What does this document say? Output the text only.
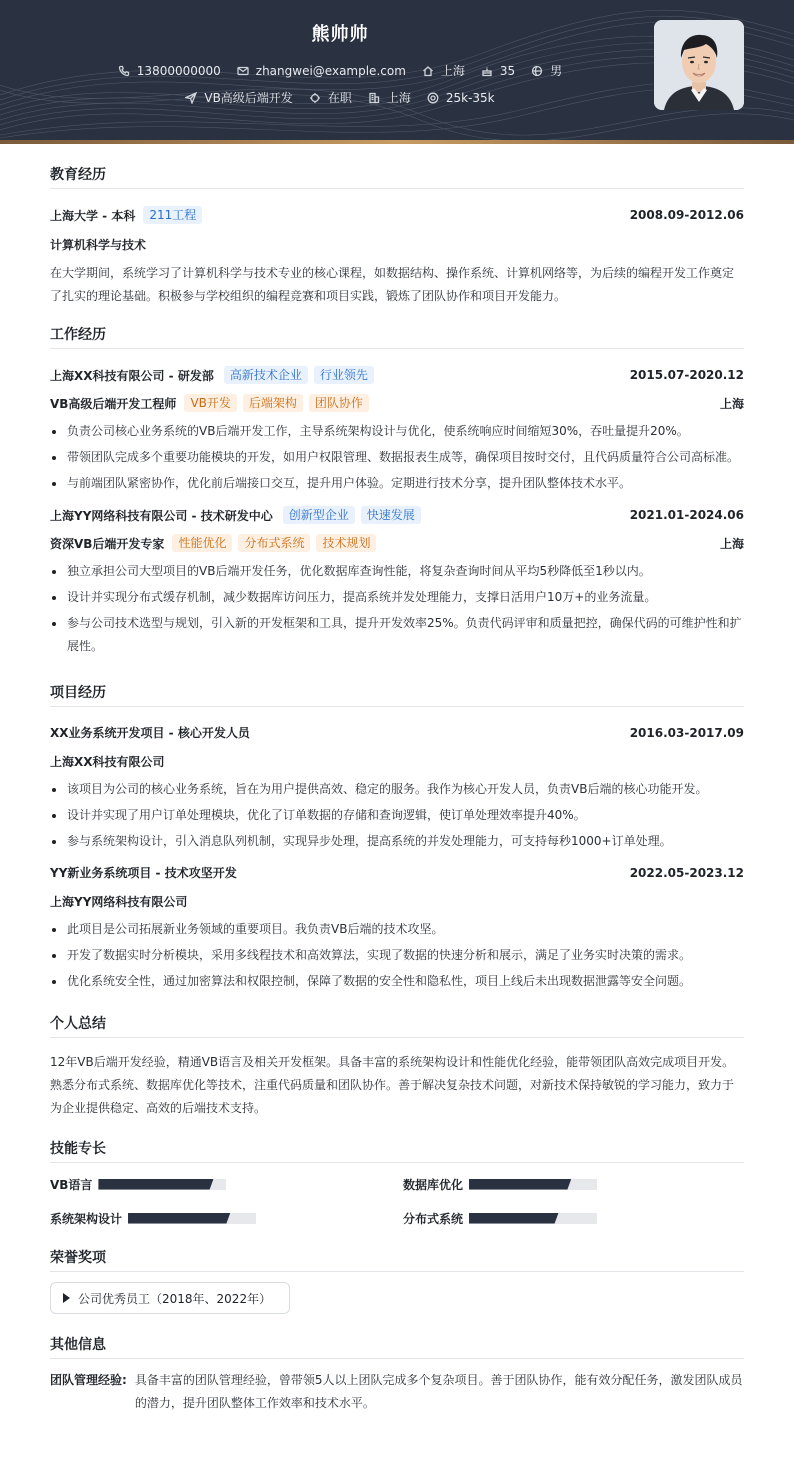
熊帅帅
13800000000	zhangwei@example.com	上海	35	男
VB高级后端开发	在职	上海	25k-35k
教育经历
上海大学 - 本科	211工程	2008.09-2012.06
计算机科学与技术
在大学期间，系统学习了计算机科学与技术专业的核心课程，如数据结构、操作系统、计算机网络等，为后续的编程开发工作奠定了扎实的理论基础。积极参与学校组织的编程竞赛和项目实践，锻炼了团队协作和项目开发能力。
工作经历
上海XX科技有限公司 - 研发部	高新技术企业	行业领先	2015.07-2020.12
VB高级后端开发工程师	VB开发	后端架构	团队协作	上海
负责公司核心业务系统的VB后端开发工作，主导系统架构设计与优化，使系统响应时间缩短30%，吞吐量提升20%。
带领团队完成多个重要功能模块的开发，如用户权限管理、数据报表生成等，确保项目按时交付，且代码质量符合公司高标准。
与前端团队紧密协作，优化前后端接口交互，提升用户体验。定期进行技术分享，提升团队整体技术水平。
上海YY网络科技有限公司 - 技术研发中心	创新型企业	快速发展	2021.01-2024.06
资深VB后端开发专家	性能优化	分布式系统	技术规划	上海
独立承担公司大型项目的VB后端开发任务，优化数据库查询性能，将复杂查询时间从平均5秒降低至1秒以内。
设计并实现分布式缓存机制，减少数据库访问压力，提高系统并发处理能力，支撑日活用户10万+的业务流量。
参与公司技术选型与规划，引入新的开发框架和工具，提升开发效率25%。负责代码评审和质量把控，确保代码的可维护性和扩展性。
项目经历
XX业务系统开发项目 - 核心开发人员	2016.03-2017.09
上海XX科技有限公司
该项目为公司的核心业务系统，旨在为用户提供高效、稳定的服务。我作为核心开发人员，负责VB后端的核心功能开发。
设计并实现了用户订单处理模块，优化了订单数据的存储和查询逻辑，使订单处理效率提升40%。
参与系统架构设计，引入消息队列机制，实现异步处理，提高系统的并发处理能力，可支持每秒1000+订单处理。
YY新业务系统项目 - 技术攻坚开发	2022.05-2023.12
上海YY网络科技有限公司
此项目是公司拓展新业务领域的重要项目。我负责VB后端的技术攻坚。
开发了数据实时分析模块，采用多线程技术和高效算法，实现了数据的快速分析和展示，满足了业务实时决策的需求。
优化系统安全性，通过加密算法和权限控制，保障了数据的安全性和隐私性，项目上线后未出现数据泄露等安全问题。
个人总结
12年VB后端开发经验，精通VB语言及相关开发框架。具备丰富的系统架构设计和性能优化经验，能带领团队高效完成项目开发。熟悉分布式系统、数据库优化等技术，注重代码质量和团队协作。善于解决复杂技术问题，对新技术保持敏锐的学习能力，致力于为企业提供稳定、高效的后端技术支持。
技能专长
VB语言	数据库优化
系统架构设计	分布式系统
荣誉奖项
公司优秀员工（2018年、2022年）
其他信息
团队管理经验: 具备丰富的团队管理经验，曾带领5人以上团队完成多个复杂项目。善于团队协作，能有效分配任务，激发团队成员的潜力，提升团队整体工作效率和技术水平。
